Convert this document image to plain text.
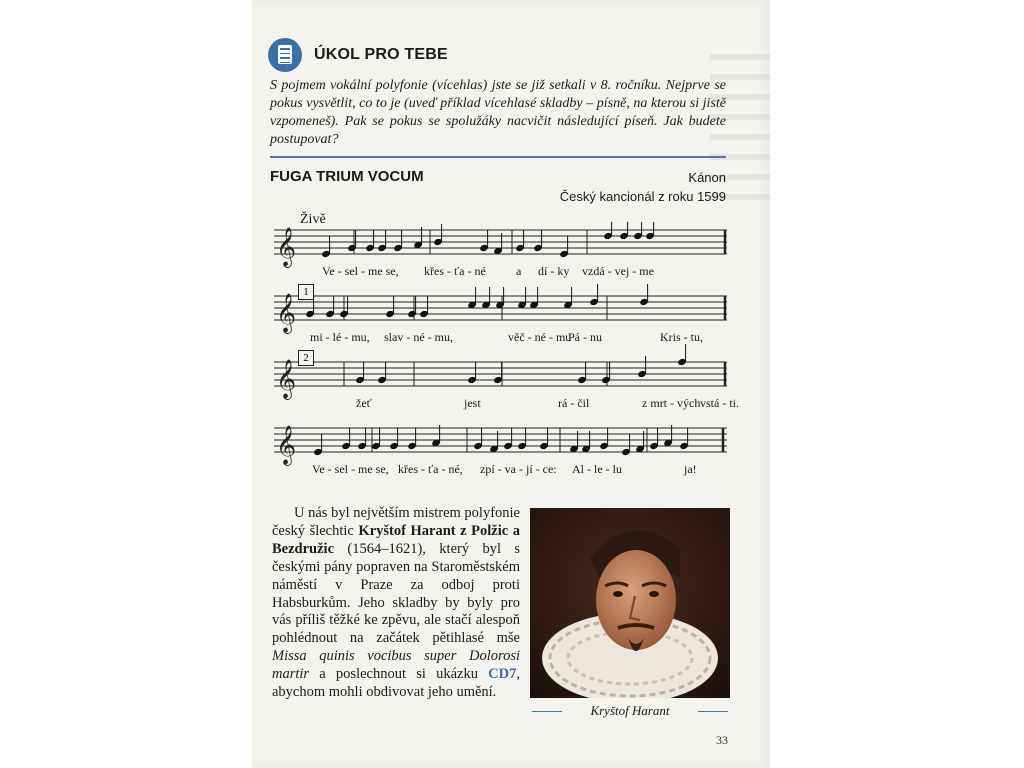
ÚKOL PRO TEBE
S pojmem vokální polyfonie (vícehlas) jste se již setkali v 8. ročníku. Nejprve se pokus vysvětlit, co to je (uveď příklad vícehlasé skladby – písně, na kterou si jistě vzpomeneš). Pak se pokus se spolužáky nacvičit následující píseň. Jak budete postupovat?
FUGA TRIUM VOCUM	Kánon
Český kancionál z roku 1599
Živě
𝄞
𝄞
𝄞
𝄞
1
2
Ve - sel - me se, křes - ťa - né	a dí - ky vzdá - vej - me
mi - lé - mu, slav - né - mu,	věč - né - mu
Pá - nu	Kris - tu,
žeť	jest	rá - čil	z mrt - vých vstá - ti.
Ve - sel - me se, křes - ťa - né, zpí - va - jí - ce: Al - le - lu	ja!
U nás byl největším mistrem polyfonie český šlechtic Kryštof Harant z Polžic a Bezdružic (1564–1621), který byl s českými pány popraven na Staroměstském náměstí v Praze za odboj proti Habsburkům. Jeho skladby by byly pro vás příliš těžké ke zpěvu, ale stačí alespoň pohlédnout na začátek pětihlasé mše Missa quinis vocibus super Dolorosi martir a poslechnout si ukázku CD7, abychom mohli obdivovat jeho umění.
Kryštof Harant
33
